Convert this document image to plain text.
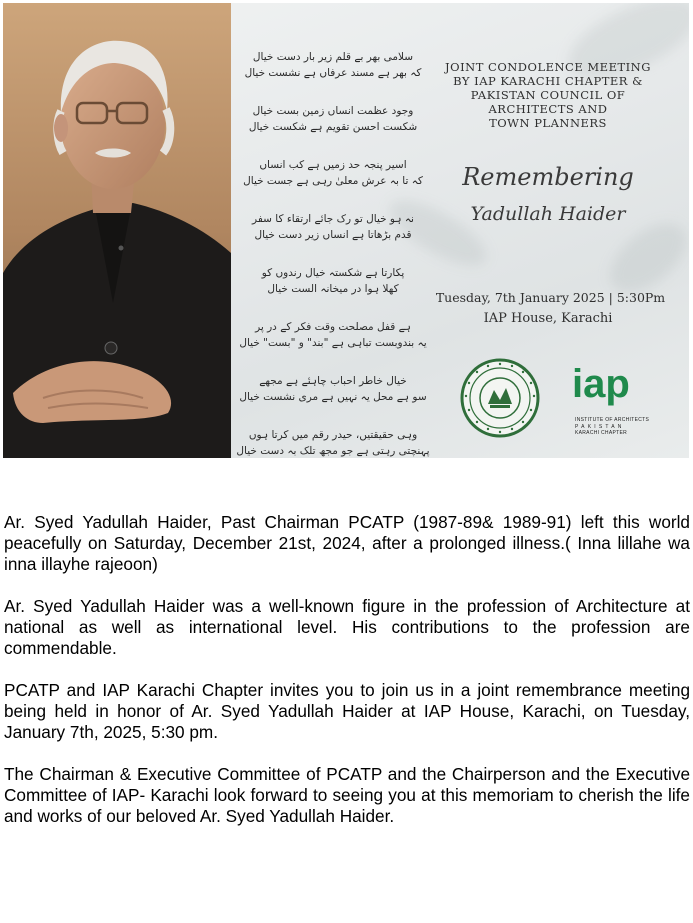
سلامی بھر بے قلم زیر بار دست خیال
کہ بھر ہے مسند عرفاں ہے نشست خیال
وجود عظمت انساں زمین بست خیال
شکست احسن تقویم ہے شکست خیال
اسیر پنجہ حد زمیں ہے کب انساں
کہ تا بہ عرش معلیٰ رہی ہے جست خیال
نہ ہو خیال تو رک جائے ارتقاء کا سفر
قدم بڑھاتا ہے انساں زیر دست خیال
پکارتا ہے شکستہ خیال رندوں کو
کھلا ہوا در میخانہ الست خیال
ہے قفل مصلحت وقت فکر کے در پر
یہ بندوبست تباہی ہے "بند" و "بست" خیال
خیال خاطر احباب چاہئے ہے مجھے
سو ہے محل یہ نہیں ہے مری نشست خیال
وہی حقیقتیں، حیدر رقم میں کرتا ہوں
پہنچتی رہتی ہے جو مجھ تلک بہ دست خیال
JOINT CONDOLENCE MEETING
BY IAP KARACHI CHAPTER &
PAKISTAN COUNCIL OF
ARCHITECTS AND
TOWN PLANNERS
Remembering
Yadullah Haider
Tuesday, 7th January 2025 | 5:30Pm
IAP House, Karachi
iap
INSTITUTE OF ARCHITECTS
PAKISTAN
KARACHI CHAPTER

Ar. Syed Yadullah Haider, Past Chairman PCATP (1987-89& 1989-91) left this world peacefully on Saturday, December 21st, 2024, after a prolonged illness.( Inna lillahe wa inna illayhe rajeoon)

Ar. Syed Yadullah Haider was a well-known figure in the profession of Architecture at national as well as international level. His contributions to the profession are commendable.

PCATP and IAP Karachi Chapter invites you to join us in a joint remembrance meeting being held in honor of Ar. Syed Yadullah Haider at IAP House, Karachi, on Tuesday, January 7th, 2025, 5:30 pm.

The Chairman & Executive Committee of PCATP and the Chairperson and the Executive Committee of IAP- Karachi look forward to seeing you at this memoriam to cherish the life and works of our beloved Ar. Syed Yadullah Haider.
